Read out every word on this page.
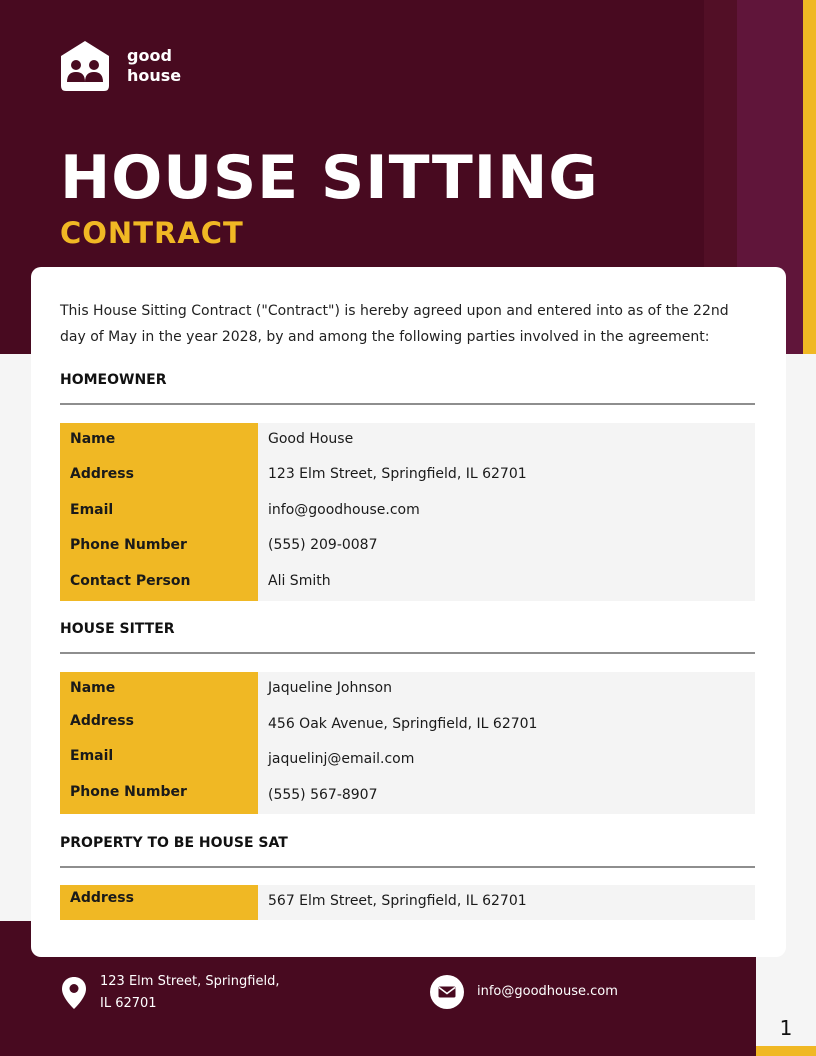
good
house
HOUSE SITTING
CONTRACT

This House Sitting Contract ("Contract") is hereby agreed upon and entered into as of the 22nd day of May in the year 2028, by and among the following parties involved in the agreement:

HOMEOWNER
Name	Good House
Address	123 Elm Street, Springfield, IL 62701
Email	info@goodhouse.com
Phone Number	(555) 209-0087
Contact Person	Ali Smith
HOUSE SITTER
Name	Jaqueline Johnson
Address	456 Oak Avenue, Springfield, IL 62701
Email	jaquelinj@email.com
Phone Number	(555) 567-8907
PROPERTY TO BE HOUSE SAT
Address	567 Elm Street, Springfield, IL 62701
123 Elm Street, Springfield,
IL 62701
info@goodhouse.com
1
